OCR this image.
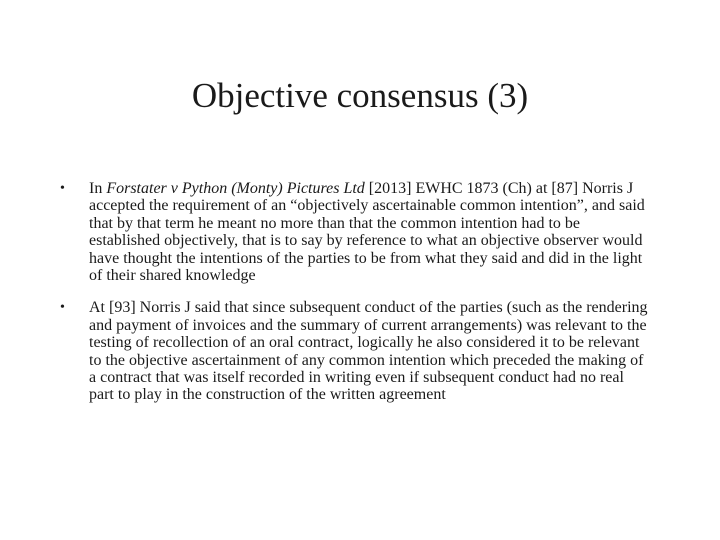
Objective consensus (3)
•	In Forstater v Python (Monty) Pictures Ltd [2013] EWHC 1873 (Ch) at [87] Norris J accepted the requirement of an “objectively ascertainable common intention”, and said that by that term he meant no more than that the common intention had to be established objectively, that is to say by reference to what an objective observer would have thought the intentions of the parties to be from what they said and did in the light of their shared knowledge
•	At [93] Norris J said that since subsequent conduct of the parties (such as the rendering and payment of invoices and the summary of current arrangements) was relevant to the testing of recollection of an oral contract, logically he also considered it to be relevant to the objective ascertainment of any common intention which preceded the making of a contract that was itself recorded in writing even if subsequent conduct had no real part to play in the construction of the written agreement
